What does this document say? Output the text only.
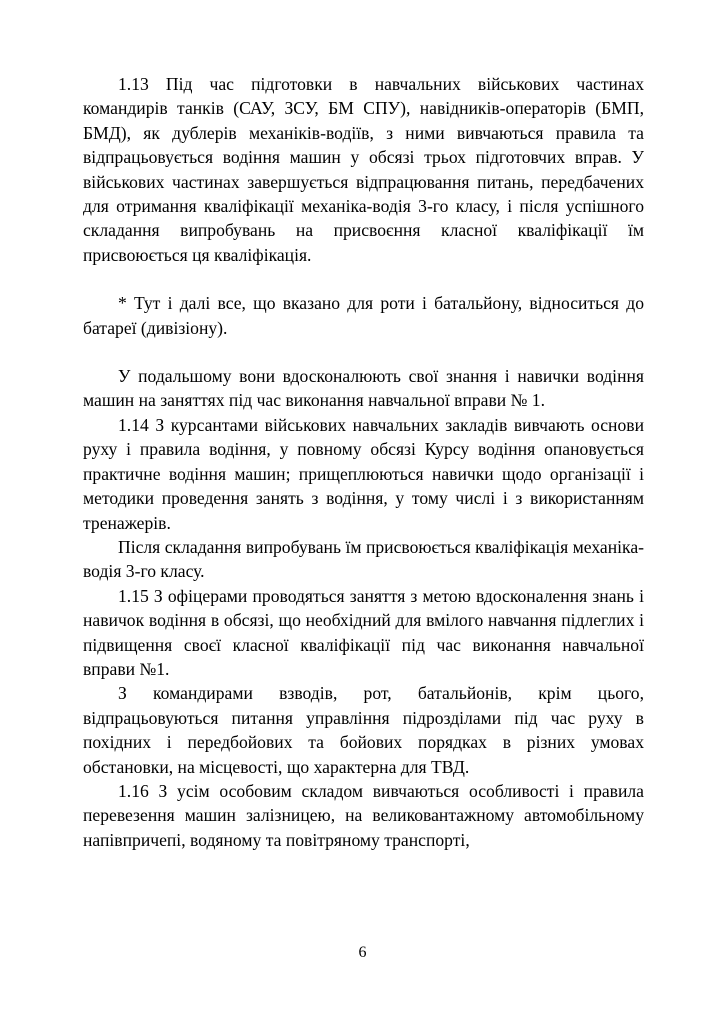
1.13 Під час підготовки в навчальних військових частинах командирів танків (САУ, ЗСУ, БМ СПУ), навідників-операторів (БМП, БМД), як дублерів механіків-водіїв, з ними вивчаються правила та відпрацьовується водіння машин у обсязі трьох підготовчих вправ. У військових частинах завершується відпрацювання питань, передбачених для отримання кваліфікації механіка-водія 3-го класу, і після успішного складання випробувань на присвоєння класної кваліфікації їм присвоюється ця кваліфікація.

* Тут і далі все, що вказано для роти і батальйону, відноситься до батареї (дивізіону).

У подальшому вони вдосконалюють свої знання і навички водіння машин на заняттях під час виконання навчальної вправи № 1.

1.14 З курсантами військових навчальних закладів вивчають основи руху і правила водіння, у повному обсязі Курсу водіння опановується практичне водіння машин; прищеплюються навички щодо організації і методики проведення занять з водіння, у тому числі і з використанням тренажерів.

Після складання випробувань їм присвоюється кваліфікація механіка-водія 3-го класу.

1.15 З офіцерами проводяться заняття з метою вдосконалення знань і навичок водіння в обсязі, що необхідний для вмілого навчання підлеглих і підвищення своєї класної кваліфікації під час виконання навчальної вправи №1.

З командирами взводів, рот, батальйонів, крім цього, відпрацьовуються питання управління підрозділами під час руху в похідних і передбойових та бойових порядках в різних умовах обстановки, на місцевості, що характерна для ТВД.

1.16 З усім особовим складом вивчаються особливості і правила перевезення машин залізницею, на великовантажному автомобільному напівпричепі, водяному та повітряному транспорті,

6
